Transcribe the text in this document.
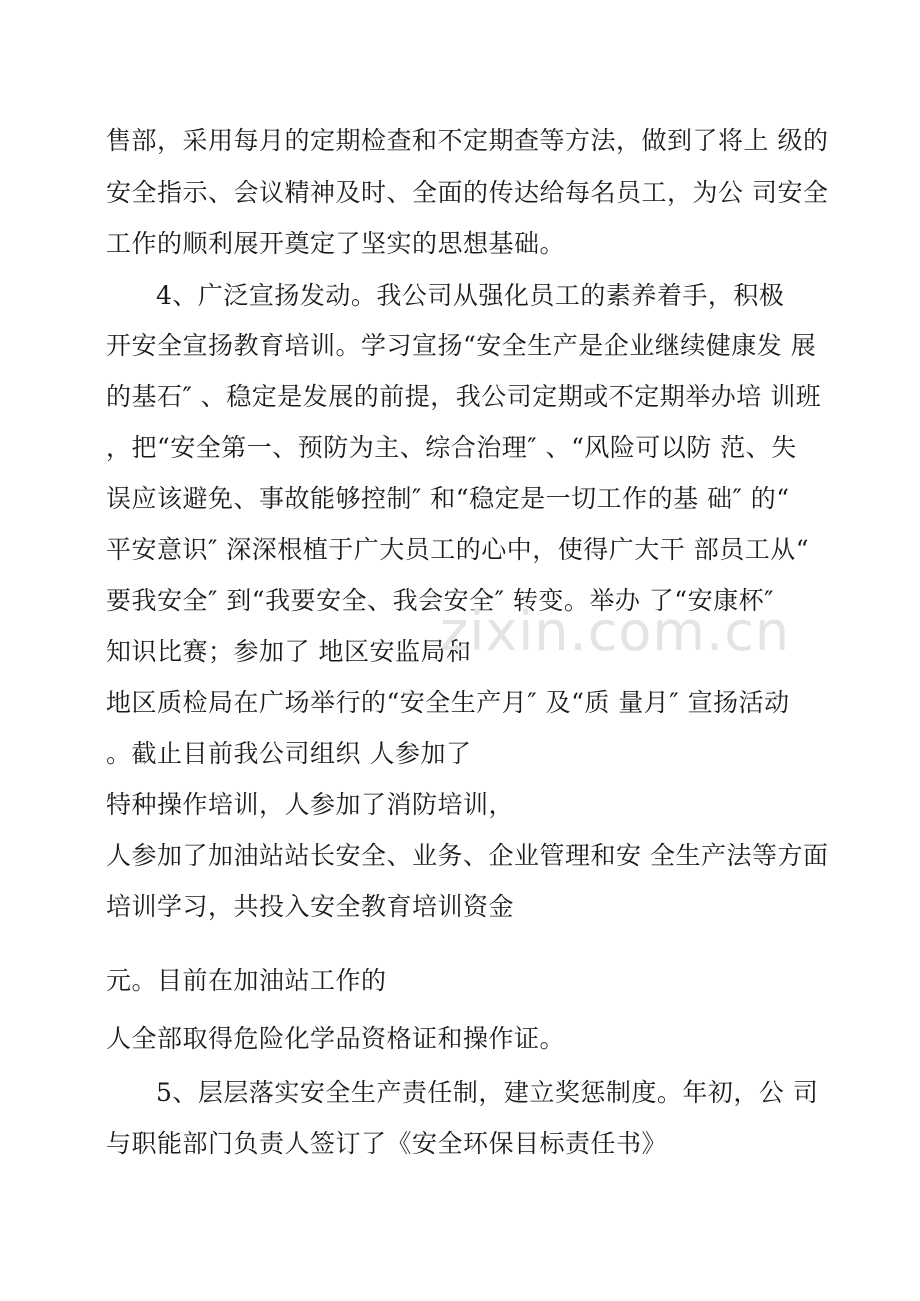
售部，采用每月的定期检查和不定期查等方法，做到了将上 级的
安全指示、会议精神及时、全面的传达给每名员工，为公 司安全
工作的顺利展开奠定了坚实的思想基础。
4、广泛宣扬发动。我公司从强化员工的素养着手，积极
开安全宣扬教育培训。学习宣扬“安全生产是企业继续健康发 展
的基石″ 、稳定是发展的前提，我公司定期或不定期举办培 训班
，把“安全第一、预防为主、综合治理″ 、“风险可以防 范、失
误应该避免、事故能够控制″ 和“稳定是一切工作的基 础″ 的“
平安意识″ 深深根植于广大员工的心中，使得广大干 部员工从“
要我安全″ 到“我要安全、我会安全″ 转变。举办 了“安康杯″
知识比赛；参加了 地区安监局和
地区质检局在广场举行的“安全生产月″ 及“质 量月″ 宣扬活动
。截止目前我公司组织 人参加了
特种操作培训，人参加了消防培训，
人参加了加油站站长安全、业务、企业管理和安 全生产法等方面
培训学习，共投入安全教育培训资金
元。目前在加油站工作的
人全部取得危险化学品资格证和操作证。
5、层层落实安全生产责任制，建立奖惩制度。年初，公 司
与职能部门负责人签订了《安全环保目标责任书》
zixin.com.cn
